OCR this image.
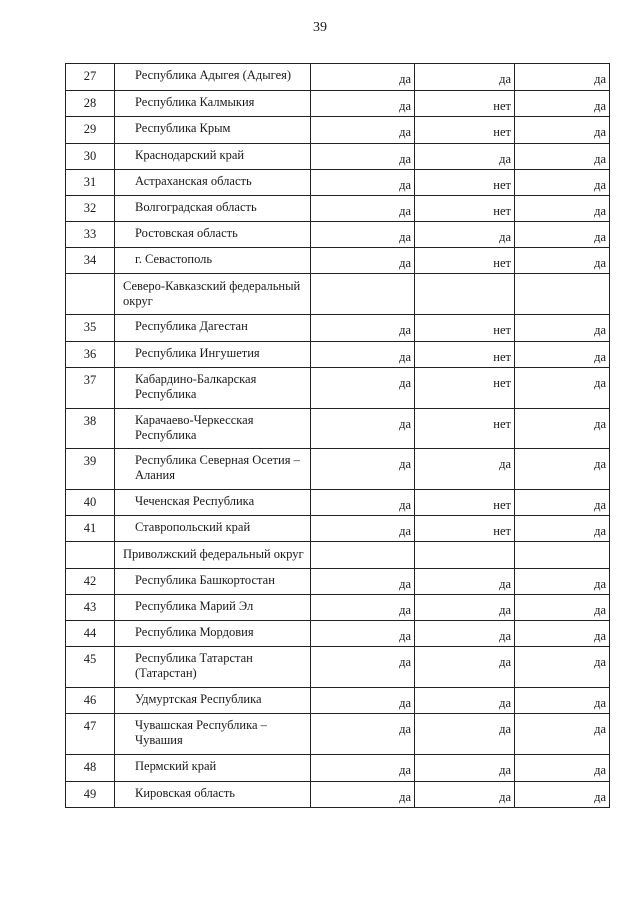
39
27	Республика Адыгея (Адыгея)	да	да	да
28	Республика Калмыкия	да	нет	да
29	Республика Крым	да	нет	да
30	Краснодарский край	да	да	да
31	Астраханская область	да	нет	да
32	Волгоградская область	да	нет	да
33	Ростовская область	да	да	да
34	г. Севастополь	да	нет	да
	Северо-Кавказский федеральный округ			
35	Республика Дагестан	да	нет	да
36	Республика Ингушетия	да	нет	да
37	Кабардино-Балкарская Республика	да	нет	да
38	Карачаево-Черкесская Республика	да	нет	да
39	Республика Северная Осетия – Алания	да	да	да
40	Чеченская Республика	да	нет	да
41	Ставропольский край	да	нет	да
	Приволжский федеральный округ			
42	Республика Башкортостан	да	да	да
43	Республика Марий Эл	да	да	да
44	Республика Мордовия	да	да	да
45	Республика Татарстан (Татарстан)	да	да	да
46	Удмуртская Республика	да	да	да
47	Чувашская Республика – Чувашия	да	да	да
48	Пермский край	да	да	да
49	Кировская область	да	да	да
